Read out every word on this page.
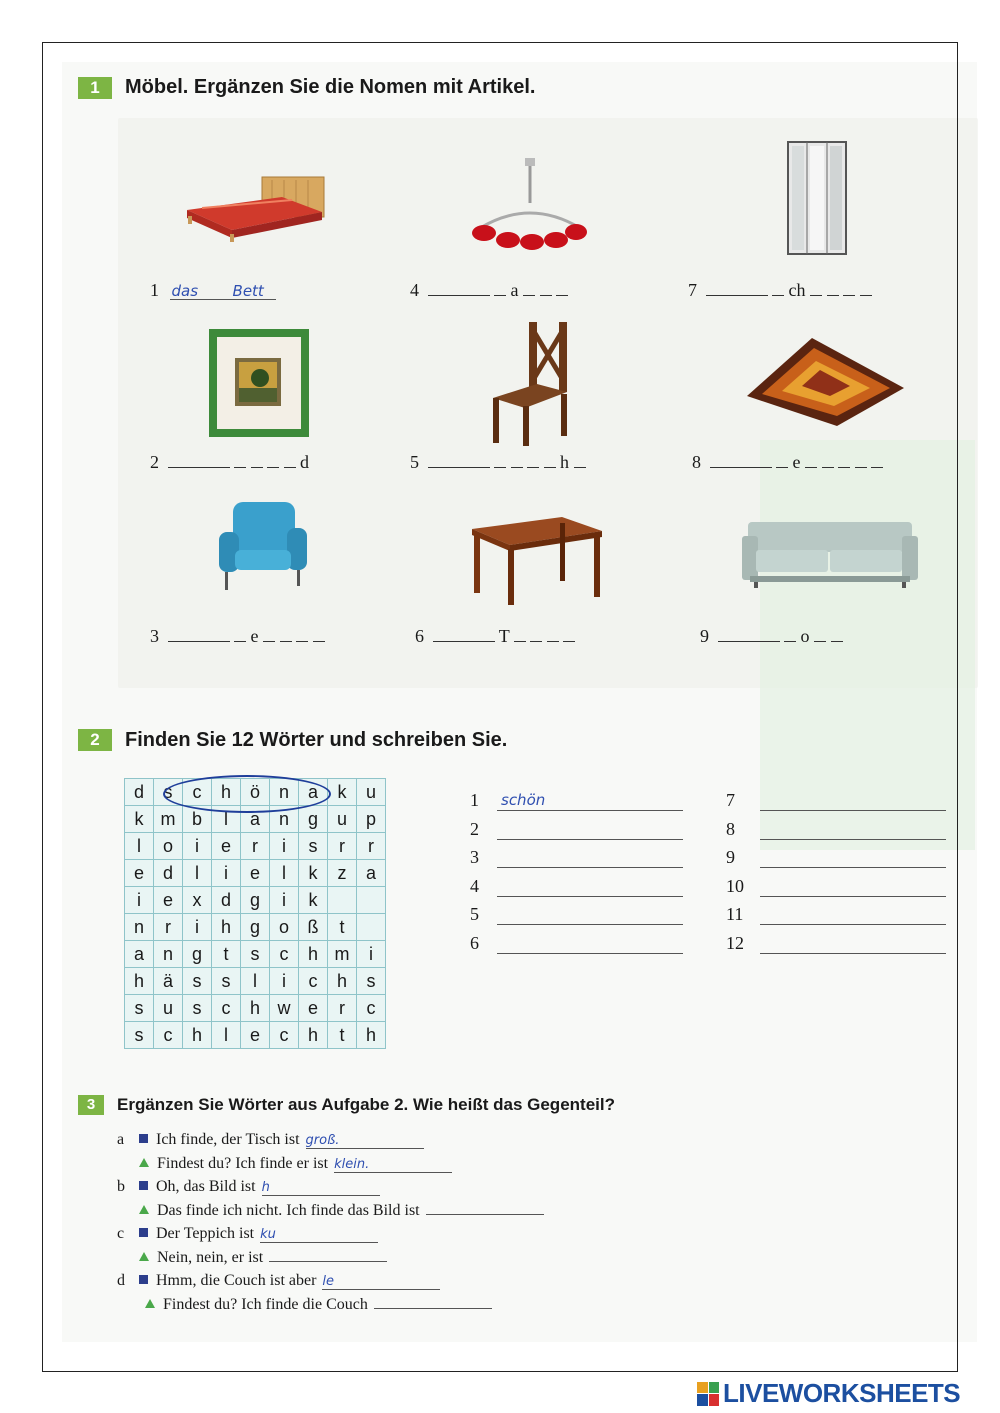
1	Möbel. Ergänzen Sie die Nomen mit Artikel.
1 das Bett
2	d
3	e
4	a
5	h
6	T
7	ch
8	e
9	o
2	Finden Sie 12 Wörter und schreiben Sie.
d	s	c	h	ö	n	a	k	u
k	m	b	l	a	n	g	u	p
l	o	i	e	r	i	s	r	r
e	d	l	i	e	l	k	z	a
i	e	x	d	g	i	k		
n	r	i	h	g	o	ß	t	
a	n	g	t	s	c	h	m	i
h	ä	s	s	l	i	c	h	s
s	u	s	c	h	w	e	r	c
s	c	h	l	e	c	h	t	h
1 schön
2
3
4
5
6
7
8
9
10
11
12
3	Ergänzen Sie Wörter aus Aufgabe 2. Wie heißt das Gegenteil?
a Ich finde, der Tisch ist groß.
Findest du? Ich finde er ist klein.
b Oh, das Bild ist h
Das finde ich nicht. Ich finde das Bild ist
c Der Teppich ist ku
Nein, nein, er ist
d Hmm, die Couch ist aber le
Findest du? Ich finde die Couch
LIVEWORKSHEETS
